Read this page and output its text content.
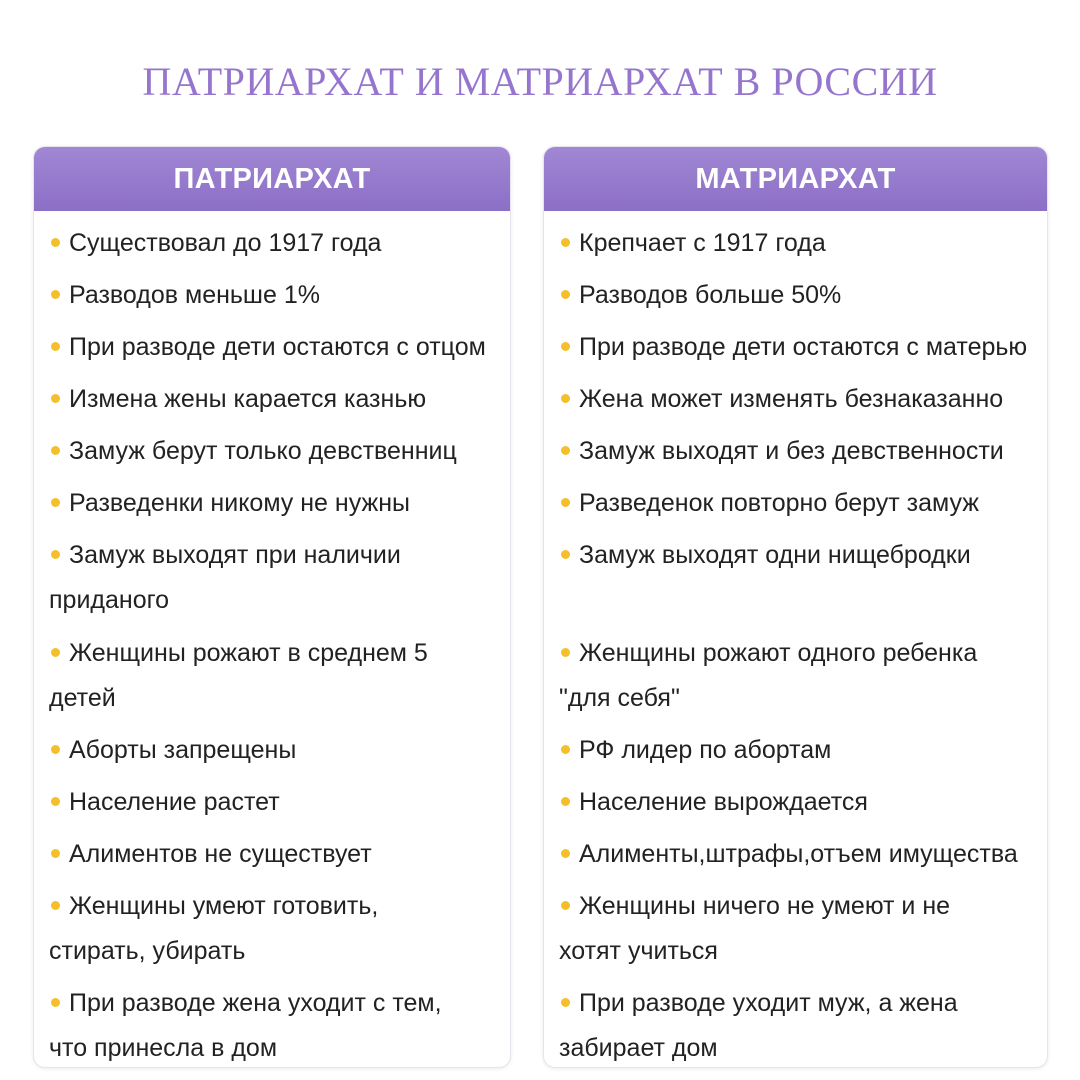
ПАТРИАРХАТ И МАТРИАРХАТ В РОССИИ
ПАТРИАРХАТ
Существовал до 1917 года
Разводов меньше 1%
При разводе дети остаются с отцом
Измена жены карается казнью
Замуж берут только девственниц
Разведенки никому не нужны
Замуж выходят при наличии приданого
Женщины рожают в среднем 5 детей
Аборты запрещены
Население растет
Алиментов не существует
Женщины умеют готовить, стирать, убирать
При разводе жена уходит с тем, что принесла в дом
МАТРИАРХАТ
Крепчает с 1917 года
Разводов больше 50%
При разводе дети остаются с матерью
Жена может изменять безнаказанно
Замуж выходят и без девственности
Разведенок повторно берут замуж
Замуж выходят одни нищебродки
Женщины рожают одного ребенка "для себя"
РФ лидер по абортам
Население вырождается
Алименты,штрафы,отъем имущества
Женщины ничего не умеют и не хотят учиться
При разводе уходит муж, а жена забирает дом
